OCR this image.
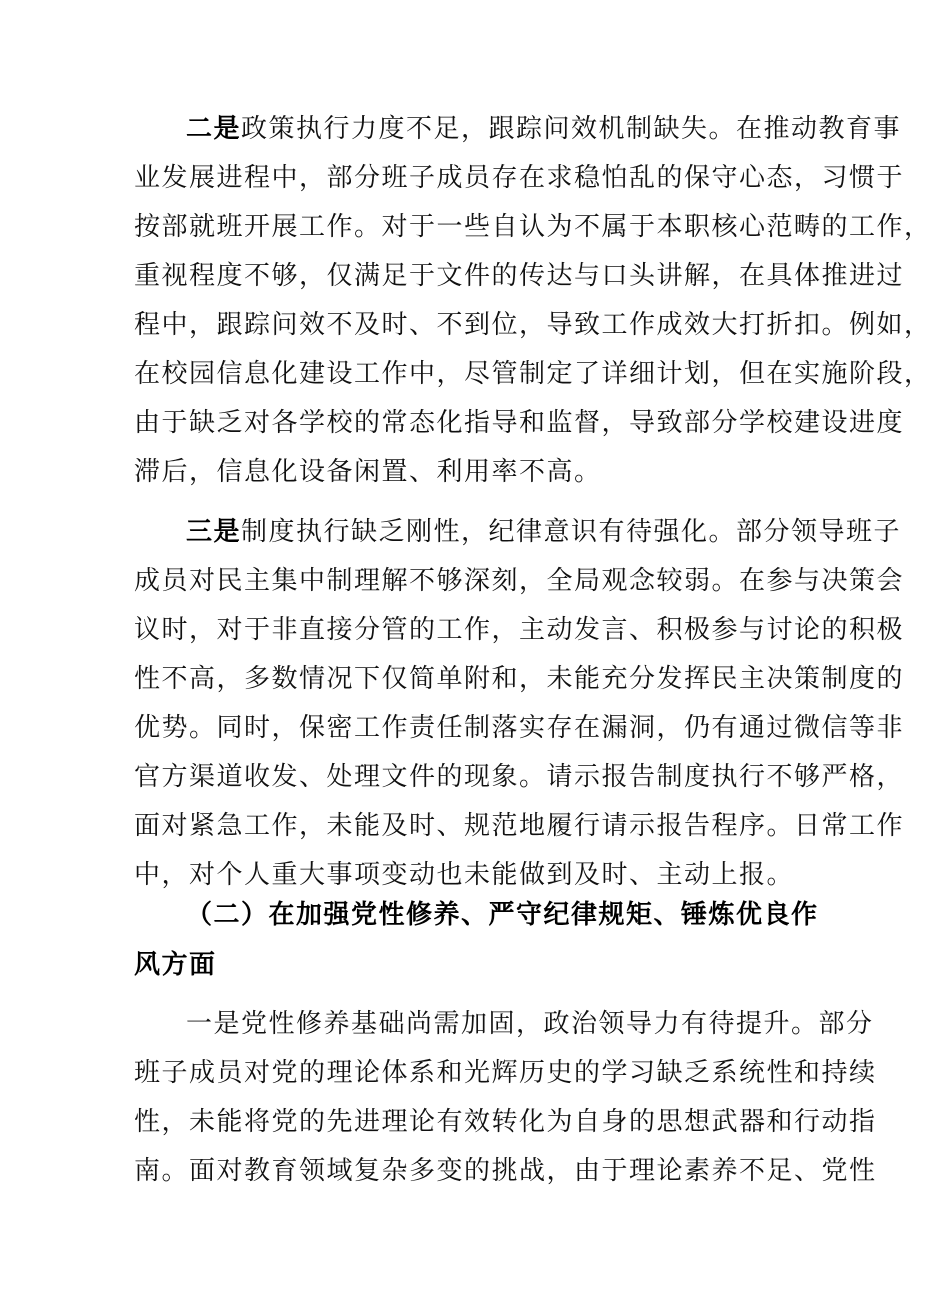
二是政策执行力度不足，跟踪问效机制缺失。在推动教育事
业发展进程中，部分班子成员存在求稳怕乱的保守心态，习惯于
按部就班开展工作。对于一些自认为不属于本职核心范畴的工作，
重视程度不够，仅满足于文件的传达与口头讲解，在具体推进过
程中，跟踪问效不及时、不到位，导致工作成效大打折扣。例如，
在校园信息化建设工作中，尽管制定了详细计划，但在实施阶段，
由于缺乏对各学校的常态化指导和监督，导致部分学校建设进度
滞后，信息化设备闲置、利用率不高。
三是制度执行缺乏刚性，纪律意识有待强化。部分领导班子
成员对民主集中制理解不够深刻，全局观念较弱。在参与决策会
议时，对于非直接分管的工作，主动发言、积极参与讨论的积极
性不高，多数情况下仅简单附和，未能充分发挥民主决策制度的
优势。同时，保密工作责任制落实存在漏洞，仍有通过微信等非
官方渠道收发、处理文件的现象。请示报告制度执行不够严格，
面对紧急工作，未能及时、规范地履行请示报告程序。日常工作
中，对个人重大事项变动也未能做到及时、主动上报。
（二）在加强党性修养、严守纪律规矩、锤炼优良作
风方面
一是党性修养基础尚需加固，政治领导力有待提升。部分
班子成员对党的理论体系和光辉历史的学习缺乏系统性和持续
性，未能将党的先进理论有效转化为自身的思想武器和行动指
南。面对教育领域复杂多变的挑战，由于理论素养不足、党性
